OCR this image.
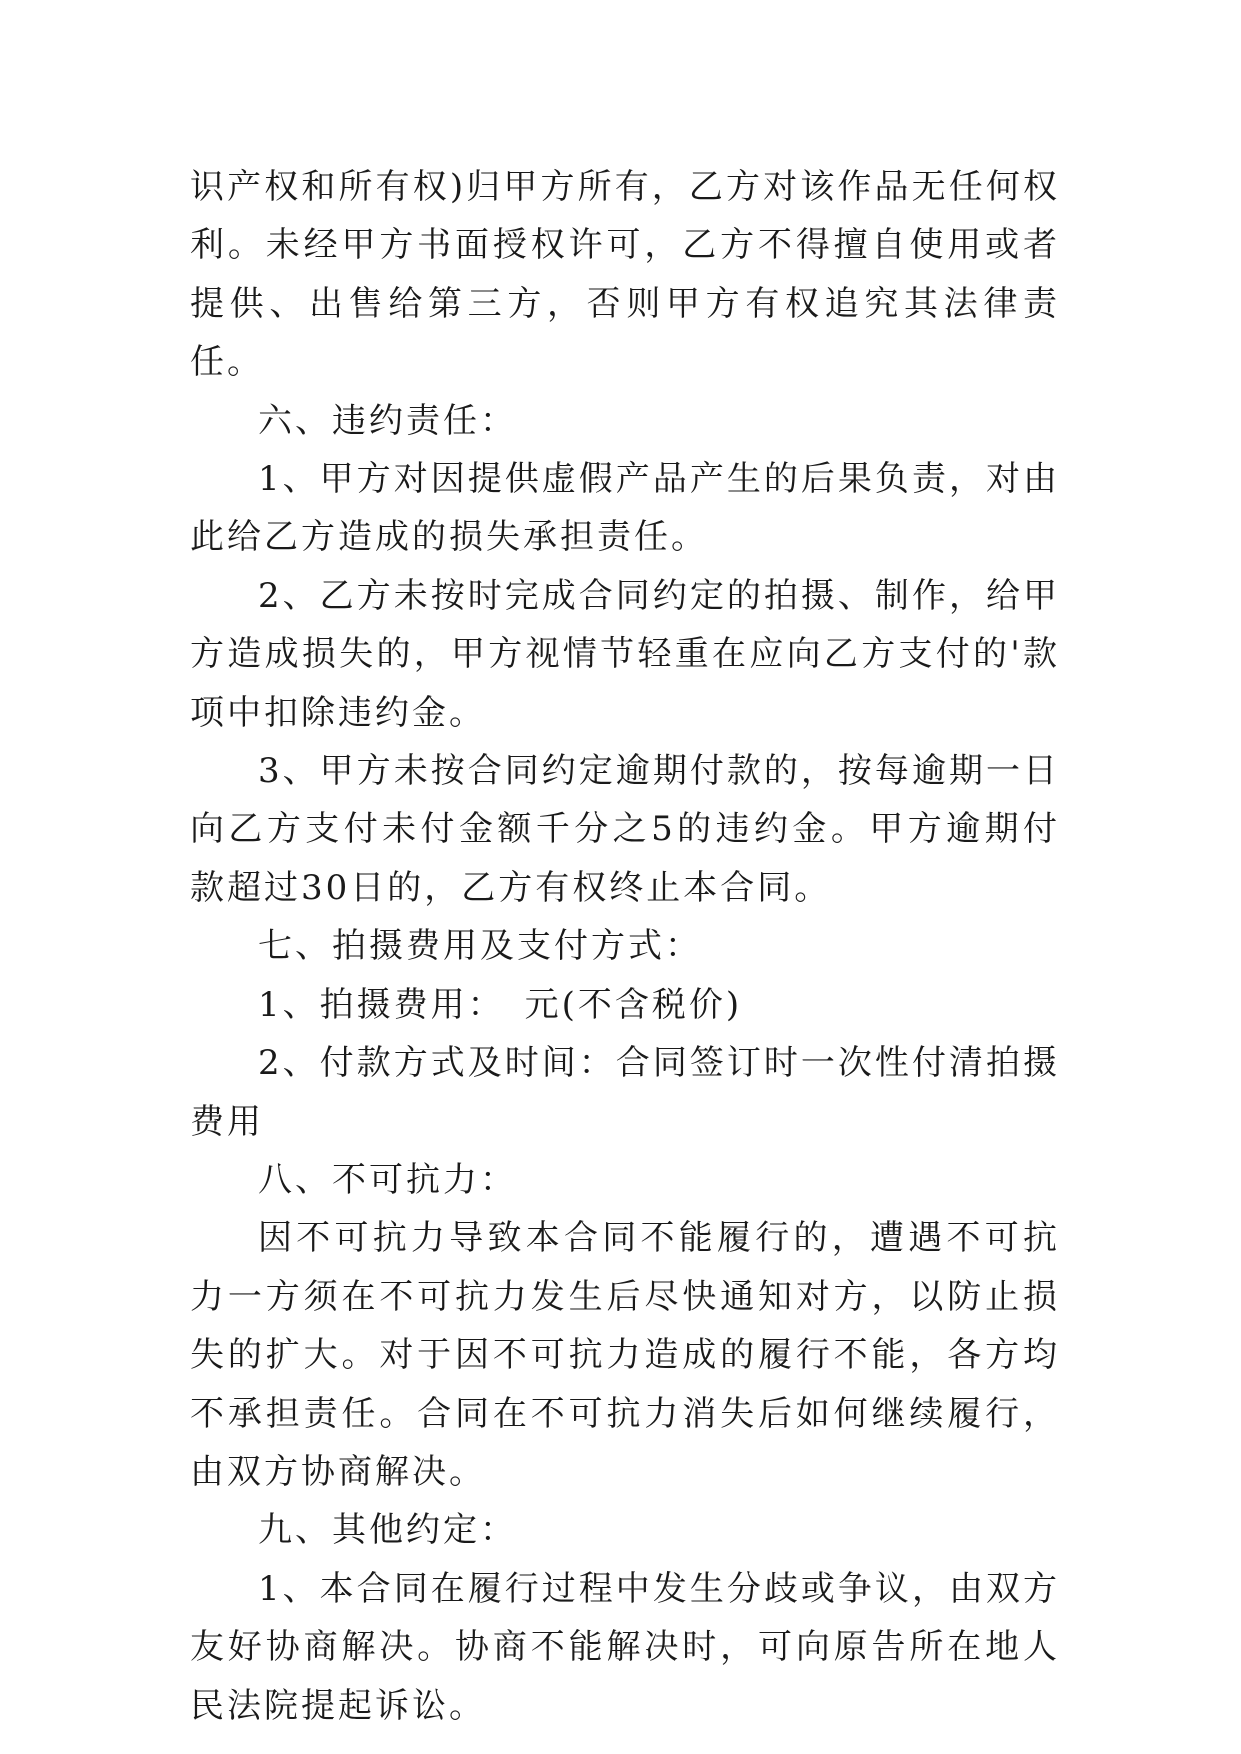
识产权和所有权)归甲方所有，乙方对该作品无任何权利。未经甲方书面授权许可，乙方不得擅自使用或者提供、出售给第三方，否则甲方有权追究其法律责任。

六、违约责任：

1、甲方对因提供虚假产品产生的后果负责，对由此给乙方造成的损失承担责任。

2、乙方未按时完成合同约定的拍摄、制作，给甲方造成损失的，甲方视情节轻重在应向乙方支付的'款项中扣除违约金。

3、甲方未按合同约定逾期付款的，按每逾期一日向乙方支付未付金额千分之5的违约金。甲方逾期付款超过30日的，乙方有权终止本合同。

七、拍摄费用及支付方式：

1、拍摄费用：　元(不含税价)

2、付款方式及时间：合同签订时一次性付清拍摄费用

八、不可抗力：

因不可抗力导致本合同不能履行的，遭遇不可抗力一方须在不可抗力发生后尽快通知对方，以防止损失的扩大。对于因不可抗力造成的履行不能，各方均不承担责任。合同在不可抗力消失后如何继续履行，由双方协商解决。

九、其他约定：

1、本合同在履行过程中发生分歧或争议，由双方友好协商解决。协商不能解决时，可向原告所在地人民法院提起诉讼。
